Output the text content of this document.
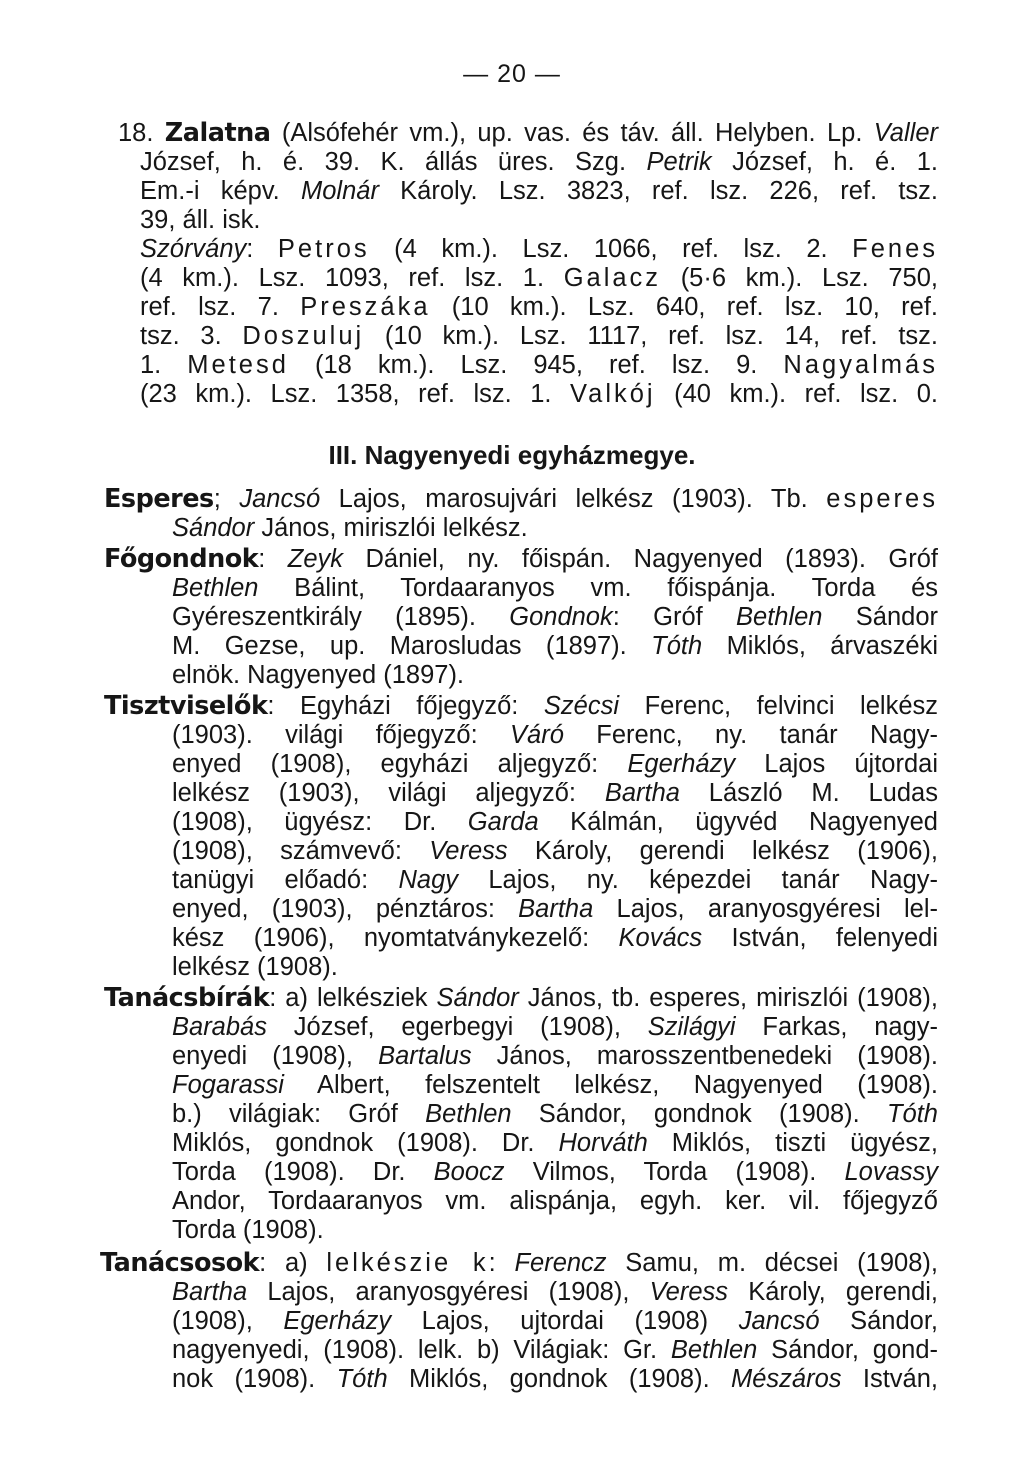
— 20 —
III. Nagyenyedi egyházmegye.
18. Zalatna (Alsófehér vm.), up. vas. és táv. áll. Helyben. Lp. Valler
József, h. é. 39. K. állás üres. Szg. Petrik József, h. é. 1.
Em.-i képv. Molnár Károly. Lsz. 3823, ref. lsz. 226, ref. tsz.
39, áll. isk.
Szórvány: Petros (4 km.). Lsz. 1066, ref. lsz. 2. Fenes
(4 km.). Lsz. 1093, ref. lsz. 1. Galacz (5·6 km.). Lsz. 750,
ref. lsz. 7. Preszáka (10 km.). Lsz. 640, ref. lsz. 10, ref.
tsz. 3. Doszuluj (10 km.). Lsz. 1117, ref. lsz. 14, ref. tsz.
1. Metesd (18 km.). Lsz. 945, ref. lsz. 9. Nagyalmás
(23 km.). Lsz. 1358, ref. lsz. 1. Valkój (40 km.). ref. lsz. 0.
Esperes; Jancsó Lajos, marosujvári lelkész (1903). Tb. esperes
Sándor János, miriszlói lelkész.
Főgondnok: Zeyk Dániel, ny. főispán. Nagyenyed (1893). Gróf
Bethlen Bálint, Tordaaranyos vm. főispánja. Torda és
Gyéreszentkirály (1895). Gondnok: Gróf Bethlen Sándor
M. Gezse, up. Marosludas (1897). Tóth Miklós, árvaszéki
elnök. Nagyenyed (1897).
Tisztviselők: Egyházi főjegyző: Szécsi Ferenc, felvinci lelkész
(1903). világi főjegyző: Váró Ferenc, ny. tanár Nagy-
enyed (1908), egyházi aljegyző: Egerházy Lajos újtordai
lelkész (1903), világi aljegyző: Bartha László M. Ludas
(1908), ügyész: Dr. Garda Kálmán, ügyvéd Nagyenyed
(1908), számvevő: Veress Károly, gerendi lelkész (1906),
tanügyi előadó: Nagy Lajos, ny. képezdei tanár Nagy-
enyed, (1903), pénztáros: Bartha Lajos, aranyosgyéresi lel-
kész (1906), nyomtatványkezelő: Kovács István, felenyedi
lelkész (1908).
Tanácsbírák: a) lelkésziek Sándor János, tb. esperes, miriszlói (1908),
Barabás József, egerbegyi (1908), Szilágyi Farkas, nagy-
enyedi (1908), Bartalus János, marosszentbenedeki (1908).
Fogarassi Albert, felszentelt lelkész, Nagyenyed (1908).
b.) világiak: Gróf Bethlen Sándor, gondnok (1908). Tóth
Miklós, gondnok (1908). Dr. Horváth Miklós, tiszti ügyész,
Torda (1908). Dr. Boocz Vilmos, Torda (1908). Lovassy
Andor, Tordaaranyos vm. alispánja, egyh. ker. vil. főjegyző
Torda (1908).
Tanácsosok: a) lelkészie k: Ferencz Samu, m. décsei (1908),
Bartha Lajos, aranyosgyéresi (1908), Veress Károly, gerendi,
(1908), Egerházy Lajos, ujtordai (1908) Jancsó Sándor,
nagyenyedi, (1908). lelk. b) Világiak: Gr. Bethlen Sándor, gond-
nok (1908). Tóth Miklós, gondnok (1908). Mészáros István,
